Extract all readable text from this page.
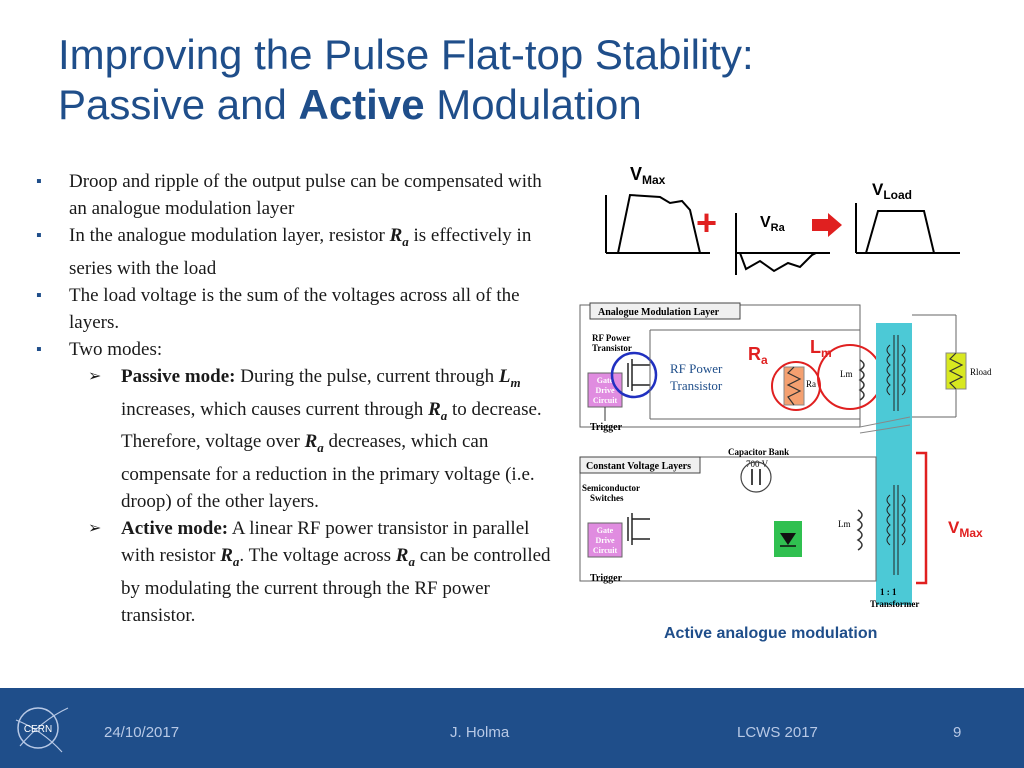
Improving the Pulse Flat-top Stability:
Passive and Active Modulation
▪ Droop and ripple of the output pulse can be compensated with an analogue modulation layer
▪ In the analogue modulation layer, resistor $R_a$ is effectively in series with the load
▪ The load voltage is the sum of the voltages across all of the layers.
▪ Two modes:
➢ Passive mode: During the pulse, current through $L_m$ increases, which causes current through $R_a$ to decrease. Therefore, voltage over $R_a$ decreases, which can compensate for a reduction in the primary voltage (i.e. droop) of the other layers.
➢ Active mode: A linear RF power transistor in parallel with resistor $R_a$. The voltage across $R_a$ can be controlled by modulating the current through the RF power transistor.
$V_{Max}$
+	$V_{Ra}$
$V_{Load}$
Analogue Modulation Layer
RF Power
Transistor
Gate
Drive
Circuit
Trigger
RF Power
Transistor
$R_a$
$L_m$
Ra
Lm	Rload
Constant Voltage Layers
Capacitor Bank
700 V
Semiconductor
Switches
Gate
Drive
Circuit
Trigger
Lm
1 : 1
Transformer
$V_{Max}$
Active analogue modulation
CERN	24/10/2017	J. Holma	LCWS 2017	9
